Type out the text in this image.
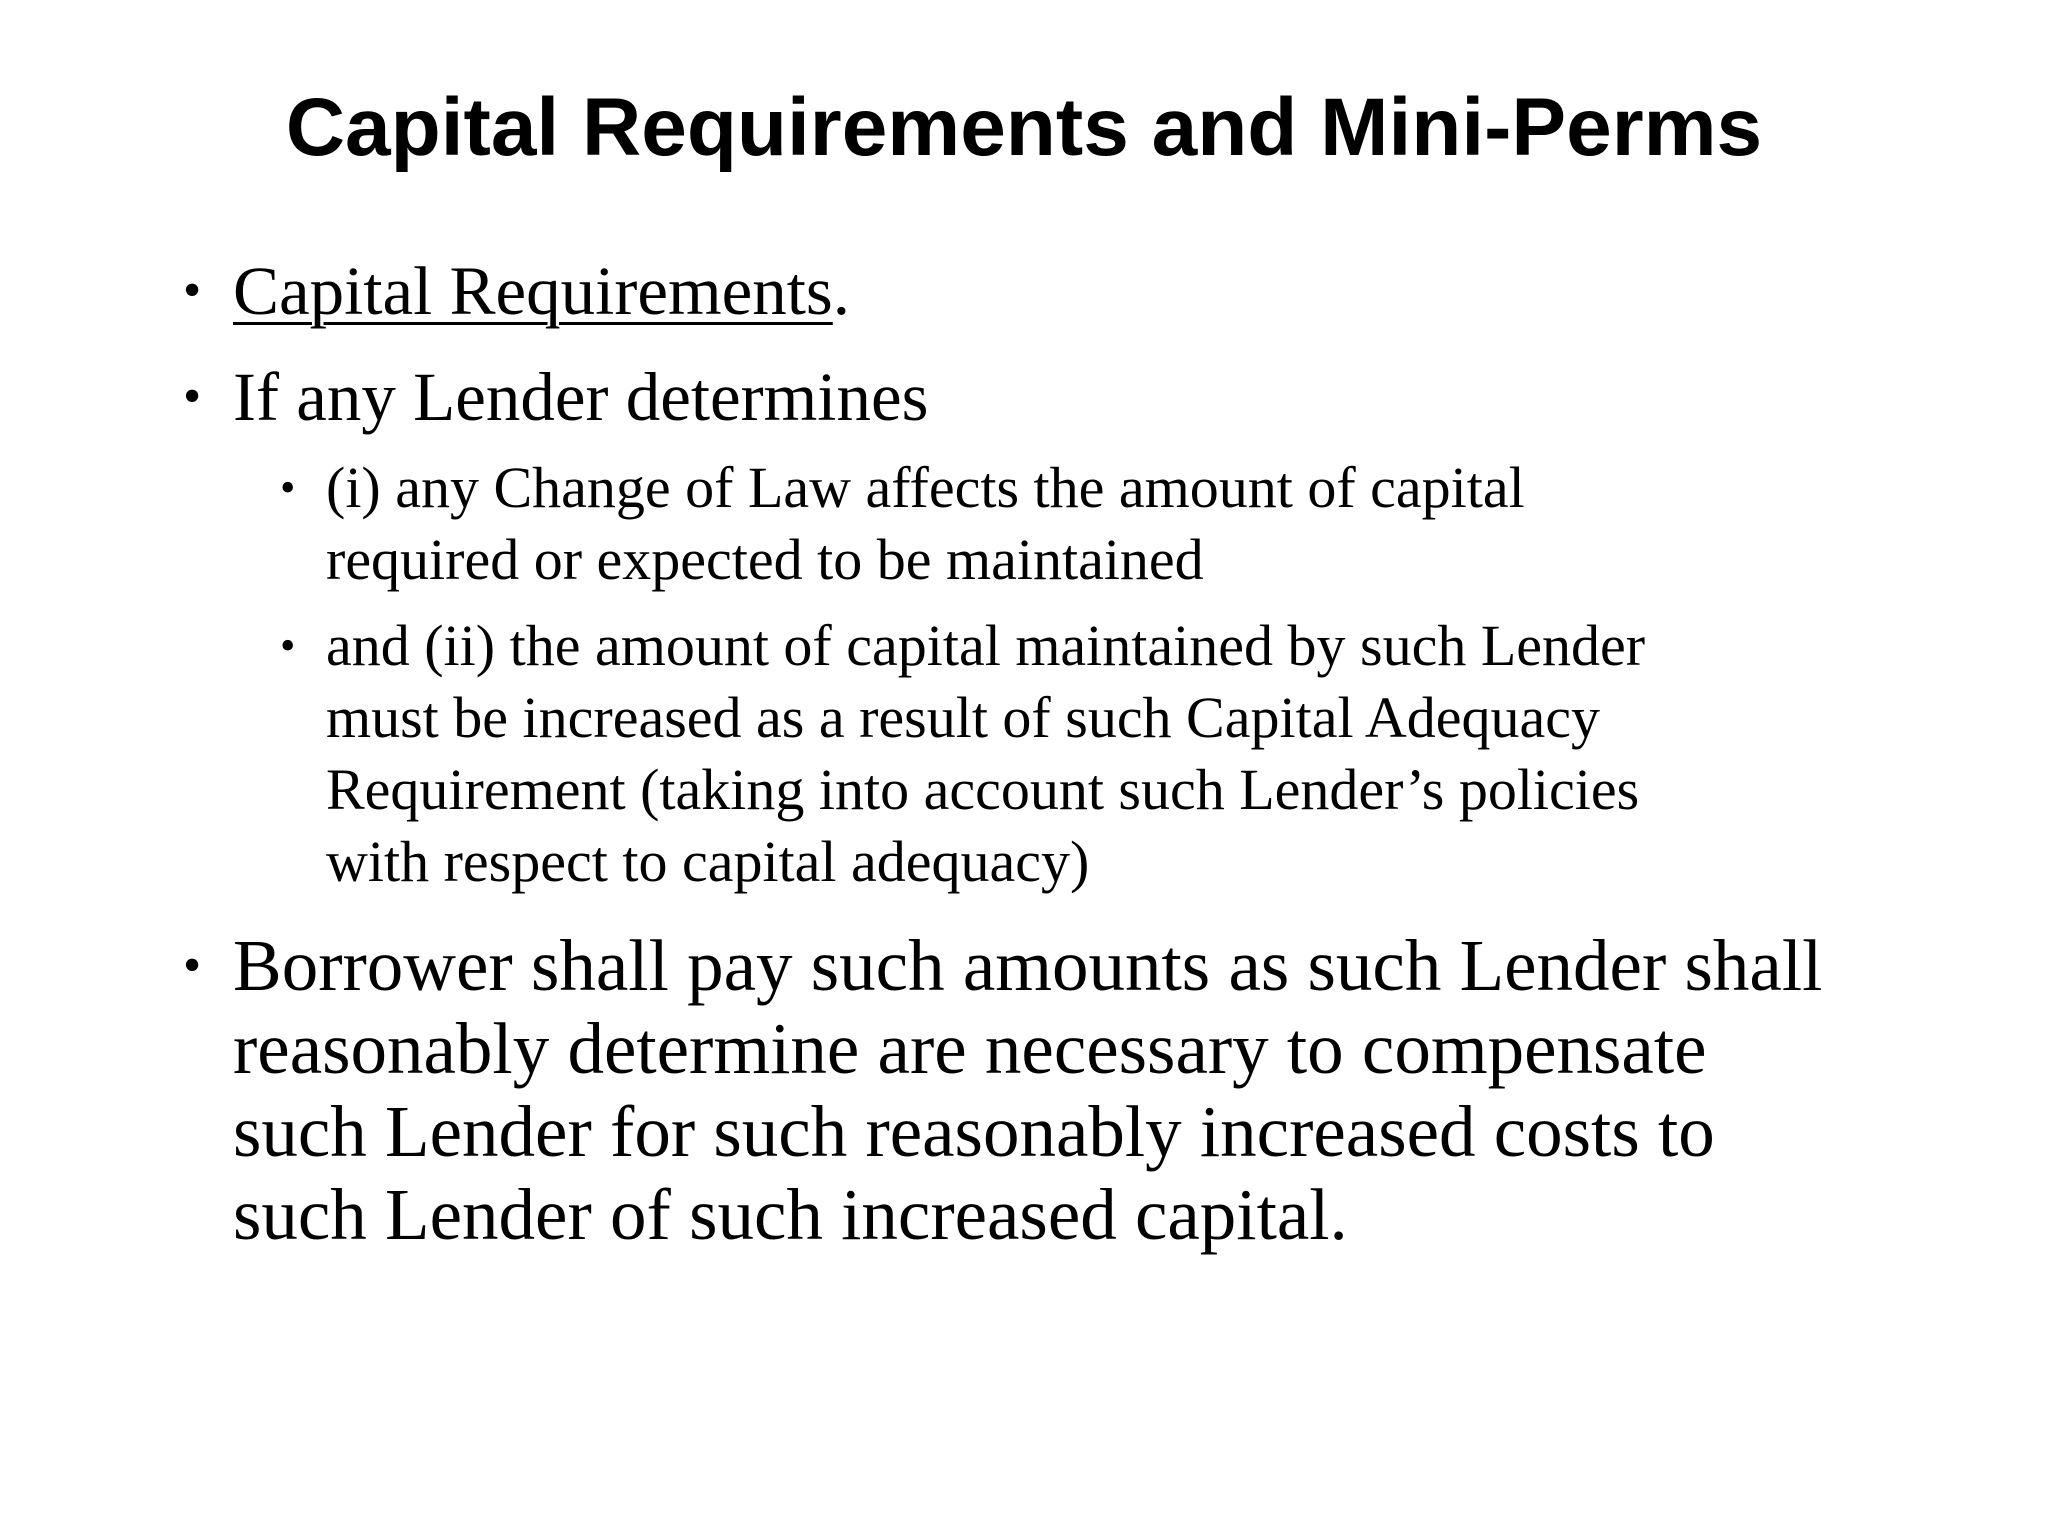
Capital Requirements and Mini-Perms
• Capital Requirements.
• If any Lender determines
• (i) any Change of Law affects the amount of capital
required or expected to be maintained
• and (ii) the amount of capital maintained by such Lender
must be increased as a result of such Capital Adequacy
Requirement (taking into account such Lender’s policies
with respect to capital adequacy)
• Borrower shall pay such amounts as such Lender shall
reasonably determine are necessary to compensate
such Lender for such reasonably increased costs to
such Lender of such increased capital.
